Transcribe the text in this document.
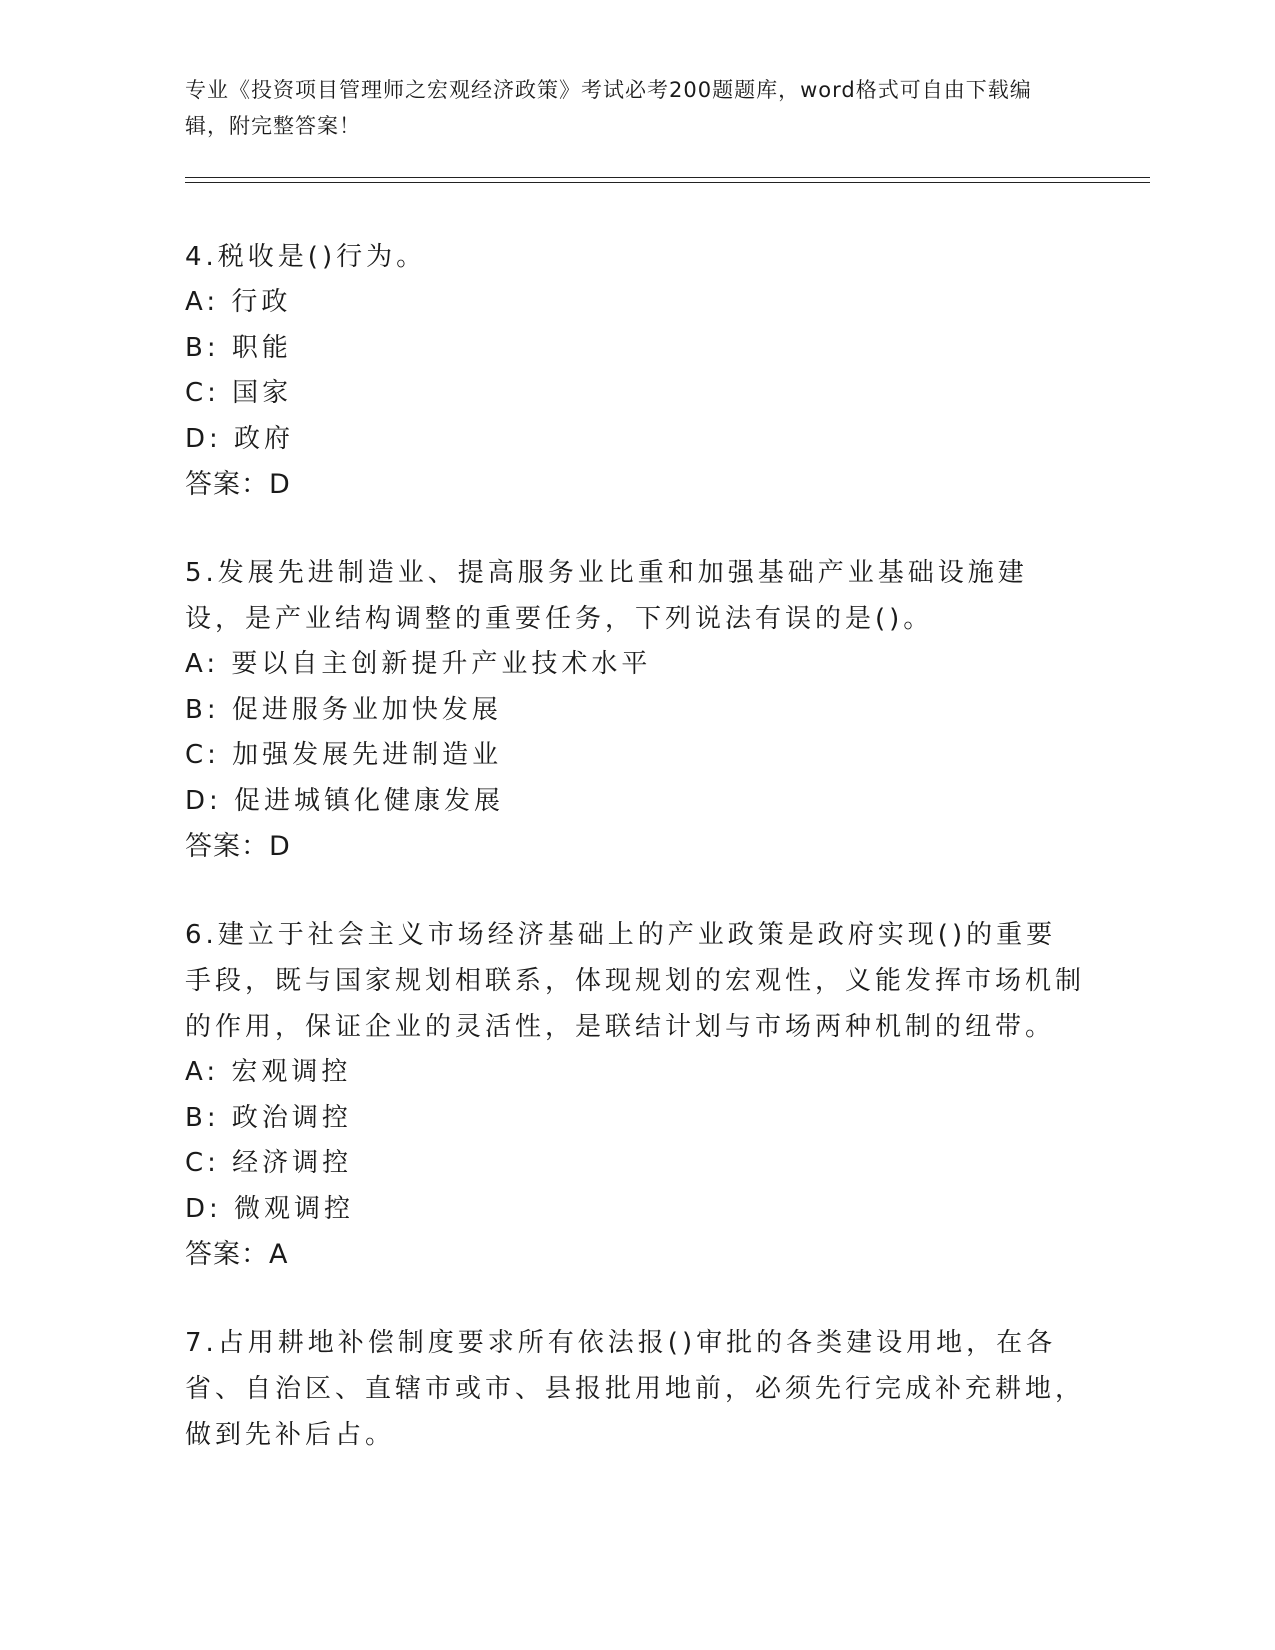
专业《投资项目管理师之宏观经济政策》考试必考200题题库，word格式可自由下载编辑，附完整答案！

4.税收是()行为。

A: 行政

B: 职能

C: 国家

D: 政府

答案：D

5.发展先进制造业、提高服务业比重和加强基础产业基础设施建设，是产业结构调整的重要任务，下列说法有误的是()。

A: 要以自主创新提升产业技术水平

B: 促进服务业加快发展

C: 加强发展先进制造业

D: 促进城镇化健康发展

答案：D

6.建立于社会主义市场经济基础上的产业政策是政府实现()的重要手段，既与国家规划相联系，体现规划的宏观性，义能发挥市场机制的作用，保证企业的灵活性，是联结计划与市场两种机制的纽带。

A: 宏观调控

B: 政治调控

C: 经济调控

D: 微观调控

答案：A

7.占用耕地补偿制度要求所有依法报()审批的各类建设用地，在各省、自治区、直辖市或市、县报批用地前，必须先行完成补充耕地，做到先补后占。
